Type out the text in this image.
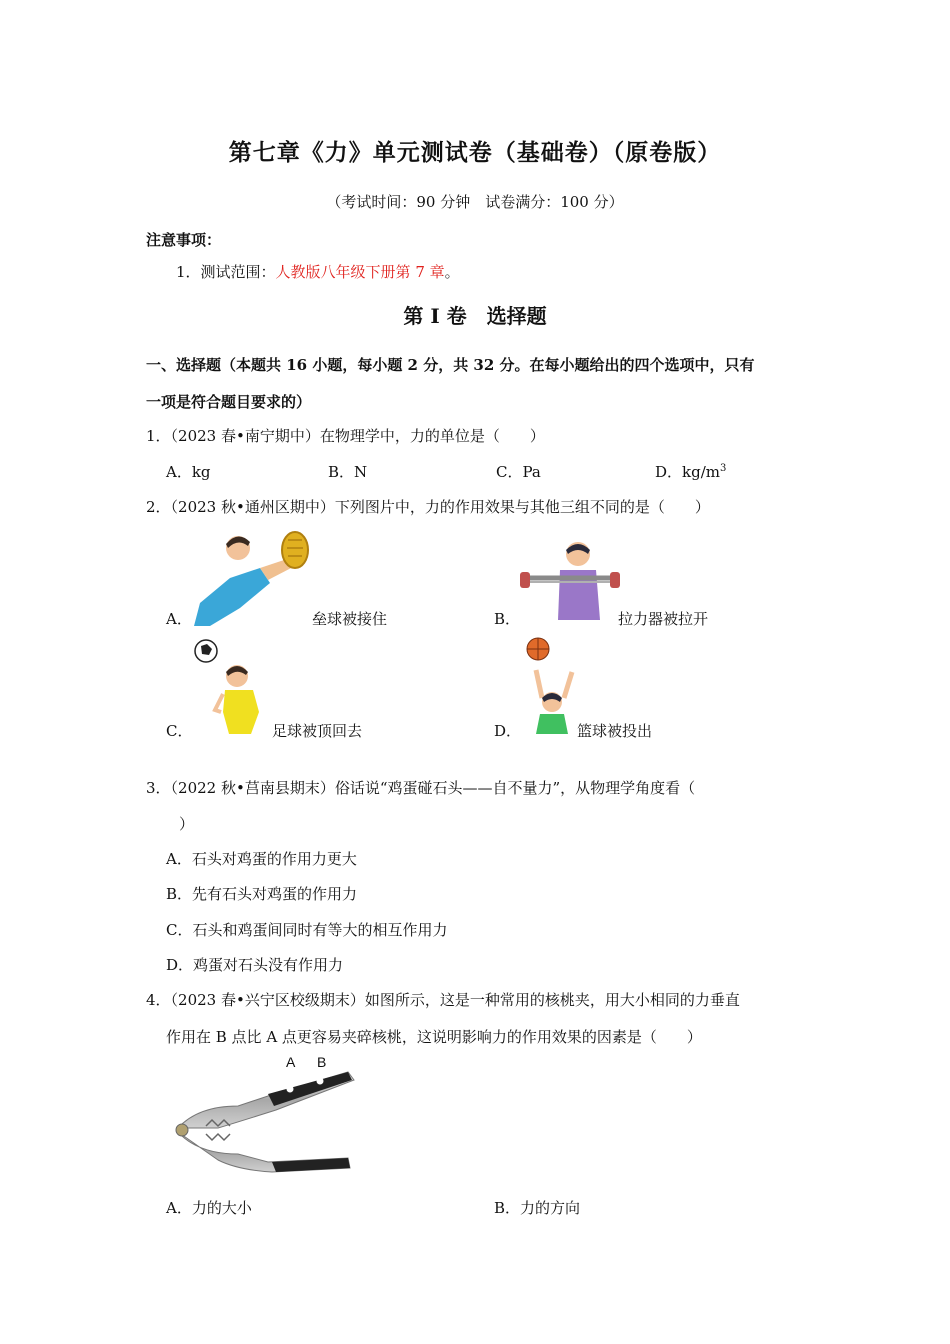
第七章《力》单元测试卷（基础卷）（原卷版）
（考试时间：90 分钟　试卷满分：100 分）
注意事项：
1．测试范围：人教版八年级下册第 7 章。
第 I 卷　选择题
一、选择题（本题共 16 小题，每小题 2 分，共 32 分。在每小题给出的四个选项中，只有
一项是符合题目要求的）
1．（2023 春•南宁期中）在物理学中，力的单位是（　　）
A．kg	B．N	C．Pa	D．$kg/m^3$
2．（2023 秋•通州区期中）下列图片中，力的作用效果与其他三组不同的是（　　）
A．	垒球被接住	B．	拉力器被拉开
C．	足球被顶回去	D．	篮球被投出
3．（2022 秋•莒南县期末）俗话说“鸡蛋碰石头——自不量力”，从物理学角度看（
）
A．石头对鸡蛋的作用力更大
B．先有石头对鸡蛋的作用力
C．石头和鸡蛋间同时有等大的相互作用力
D．鸡蛋对石头没有作用力
4．（2023 春•兴宁区校级期末）如图所示，这是一种常用的核桃夹，用大小相同的力垂直
作用在 B 点比 A 点更容易夹碎核桃，这说明影响力的作用效果的因素是（　　）
A B
A．力的大小	B．力的方向
